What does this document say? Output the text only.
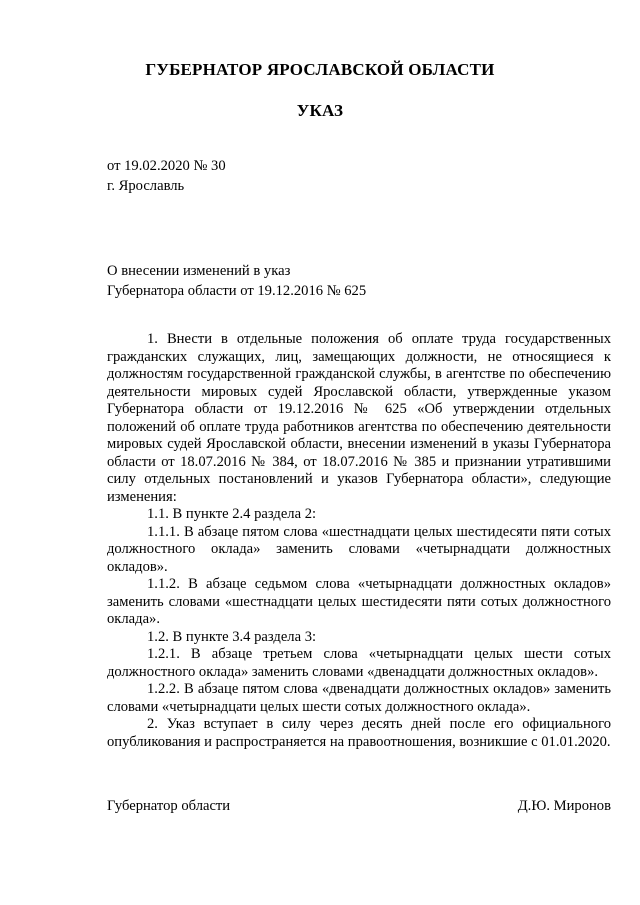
ГУБЕРНАТОР ЯРОСЛАВСКОЙ ОБЛАСТИ
УКАЗ

от 19.02.2020 № 30

г. Ярославль

О внесении изменений в указ Губернатора области от 19.12.2016 № 625

1. Внести в отдельные положения об оплате труда государственных гражданских служащих, лиц, замещающих должности, не относящиеся к должностям государственной гражданской службы, в агентстве по обеспечению деятельности мировых судей Ярославской области, утвержденные указом Губернатора области от 19.12.2016 № 625 «Об утверждении отдельных положений об оплате труда работников агентства по обеспечению деятельности мировых судей Ярославской области, внесении изменений в указы Губернатора области от 18.07.2016 № 384, от 18.07.2016 № 385 и признании утратившими силу отдельных постановлений и указов Губернатора области», следующие изменения:

1.1. В пункте 2.4 раздела 2:

1.1.1. В абзаце пятом слова «шестнадцати целых шестидесяти пяти сотых должностного оклада» заменить словами «четырнадцати должностных окладов».

1.1.2. В абзаце седьмом слова «четырнадцати должностных окладов» заменить словами «шестнадцати целых шестидесяти пяти сотых должностного оклада».

1.2. В пункте 3.4 раздела 3:

1.2.1. В абзаце третьем слова «четырнадцати целых шести сотых должностного оклада» заменить словами «двенадцати должностных окладов».

1.2.2. В абзаце пятом слова «двенадцати должностных окладов» заменить словами «четырнадцати целых шести сотых должностного оклада».

2. Указ вступает в силу через десять дней после его официального опубликования и распространяется на правоотношения, возникшие с 01.01.2020.

Губернатор области	Д.Ю. Миронов
